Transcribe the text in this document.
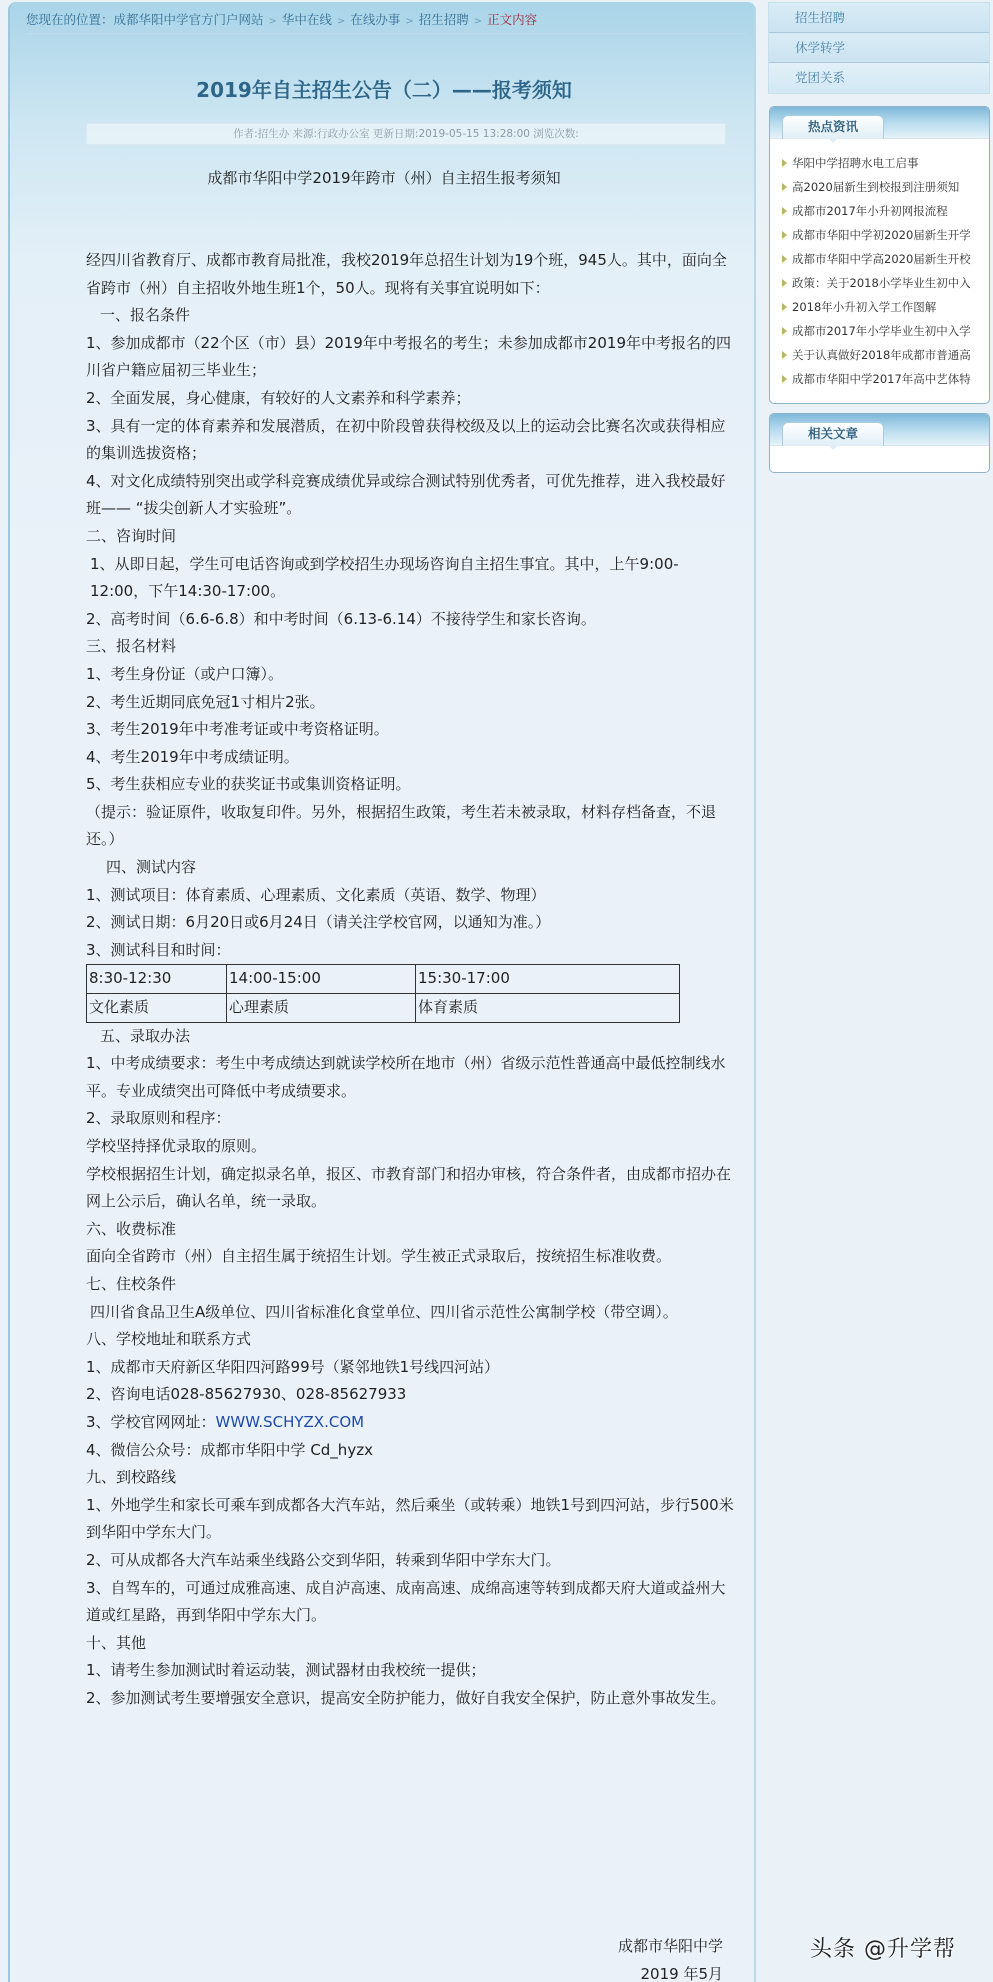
您现在的位置：成都华阳中学官方门户网站 > 华中在线 > 在线办事 > 招生招聘 > 正文内容
2019年自主招生公告（二）——报考须知
作者:招生办 来源:行政办公室 更新日期:2019-05-15 13:28:00 浏览次数:
成都市华阳中学2019年跨市（州）自主招生报考须知

经四川省教育厅、成都市教育局批准，我校2019年总招生计划为19个班，945人。其中，面向全省跨市（州）自主招收外地生班1个，50人。现将有关事宜说明如下：

一、报名条件

1、参加成都市（22个区（市）县）2019年中考报名的考生；未参加成都市2019年中考报名的四川省户籍应届初三毕业生；

2、全面发展，身心健康，有较好的人文素养和科学素养；

3、具有一定的体育素养和发展潜质，在初中阶段曾获得校级及以上的运动会比赛名次或获得相应的集训选拔资格；

4、对文化成绩特别突出或学科竞赛成绩优异或综合测试特别优秀者，可优先推荐，进入我校最好班—— “拔尖创新人才实验班”。

二、咨询时间

1、从即日起，学生可电话咨询或到学校招生办现场咨询自主招生事宜。其中，上午9:00-12:00，下午14:30-17:00。

2、高考时间（6.6-6.8）和中考时间（6.13-6.14）不接待学生和家长咨询。

三、报名材料

1、考生身份证（或户口簿）。

2、考生近期同底免冠1寸相片2张。

3、考生2019年中考准考证或中考资格证明。

4、考生2019年中考成绩证明。

5、考生获相应专业的获奖证书或集训资格证明。

（提示：验证原件，收取复印件。另外，根据招生政策，考生若未被录取，材料存档备查，不退还。）

四、测试内容

1、测试项目：体育素质、心理素质、文化素质（英语、数学、物理）

2、测试日期：6月20日或6月24日（请关注学校官网，以通知为准。）

3、测试科目和时间：

8:30-12:30	14:00-15:00	15:30-17:00
文化素质	心理素质	体育素质

五、录取办法

1、中考成绩要求：考生中考成绩达到就读学校所在地市（州）省级示范性普通高中最低控制线水平。专业成绩突出可降低中考成绩要求。

2、录取原则和程序：

学校坚持择优录取的原则。

学校根据招生计划，确定拟录名单，报区、市教育部门和招办审核，符合条件者，由成都市招办在网上公示后，确认名单，统一录取。

六、收费标准

面向全省跨市（州）自主招生属于统招生计划。学生被正式录取后，按统招生标准收费。

七、住校条件

四川省食品卫生A级单位、四川省标准化食堂单位、四川省示范性公寓制学校（带空调）。

八、学校地址和联系方式

1、成都市天府新区华阳四河路99号（紧邻地铁1号线四河站）

2、咨询电话028-85627930、028-85627933

3、学校官网网址：WWW.SCHYZX.COM

4、微信公众号：成都市华阳中学 Cd_hyzx

九、到校路线

1、外地学生和家长可乘车到成都各大汽车站，然后乘坐（或转乘）地铁1号到四河站，步行500米到华阳中学东大门。

2、可从成都各大汽车站乘坐线路公交到华阳，转乘到华阳中学东大门。

3、自驾车的，可通过成雅高速、成自泸高速、成南高速、成绵高速等转到成都天府大道或益州大道或红星路，再到华阳中学东大门。

十、其他

1、请考生参加测试时着运动装，测试器材由我校统一提供；

2、参加测试考生要增强安全意识，提高安全防护能力，做好自我安全保护，防止意外事故发生。

成都市华阳中学
2019 年5月
头条 @升学帮
招生招聘
休学转学
党团关系
热点资讯
华阳中学招聘水电工启事
高2020届新生到校报到注册须知
成都市2017年小升初网报流程
成都市华阳中学初2020届新生开学
成都市华阳中学高2020届新生开校
政策：关于2018小学毕业生初中入
2018年小升初入学工作图解
成都市2017年小学毕业生初中入学
关于认真做好2018年成都市普通高
成都市华阳中学2017年高中艺体特
相关文章
